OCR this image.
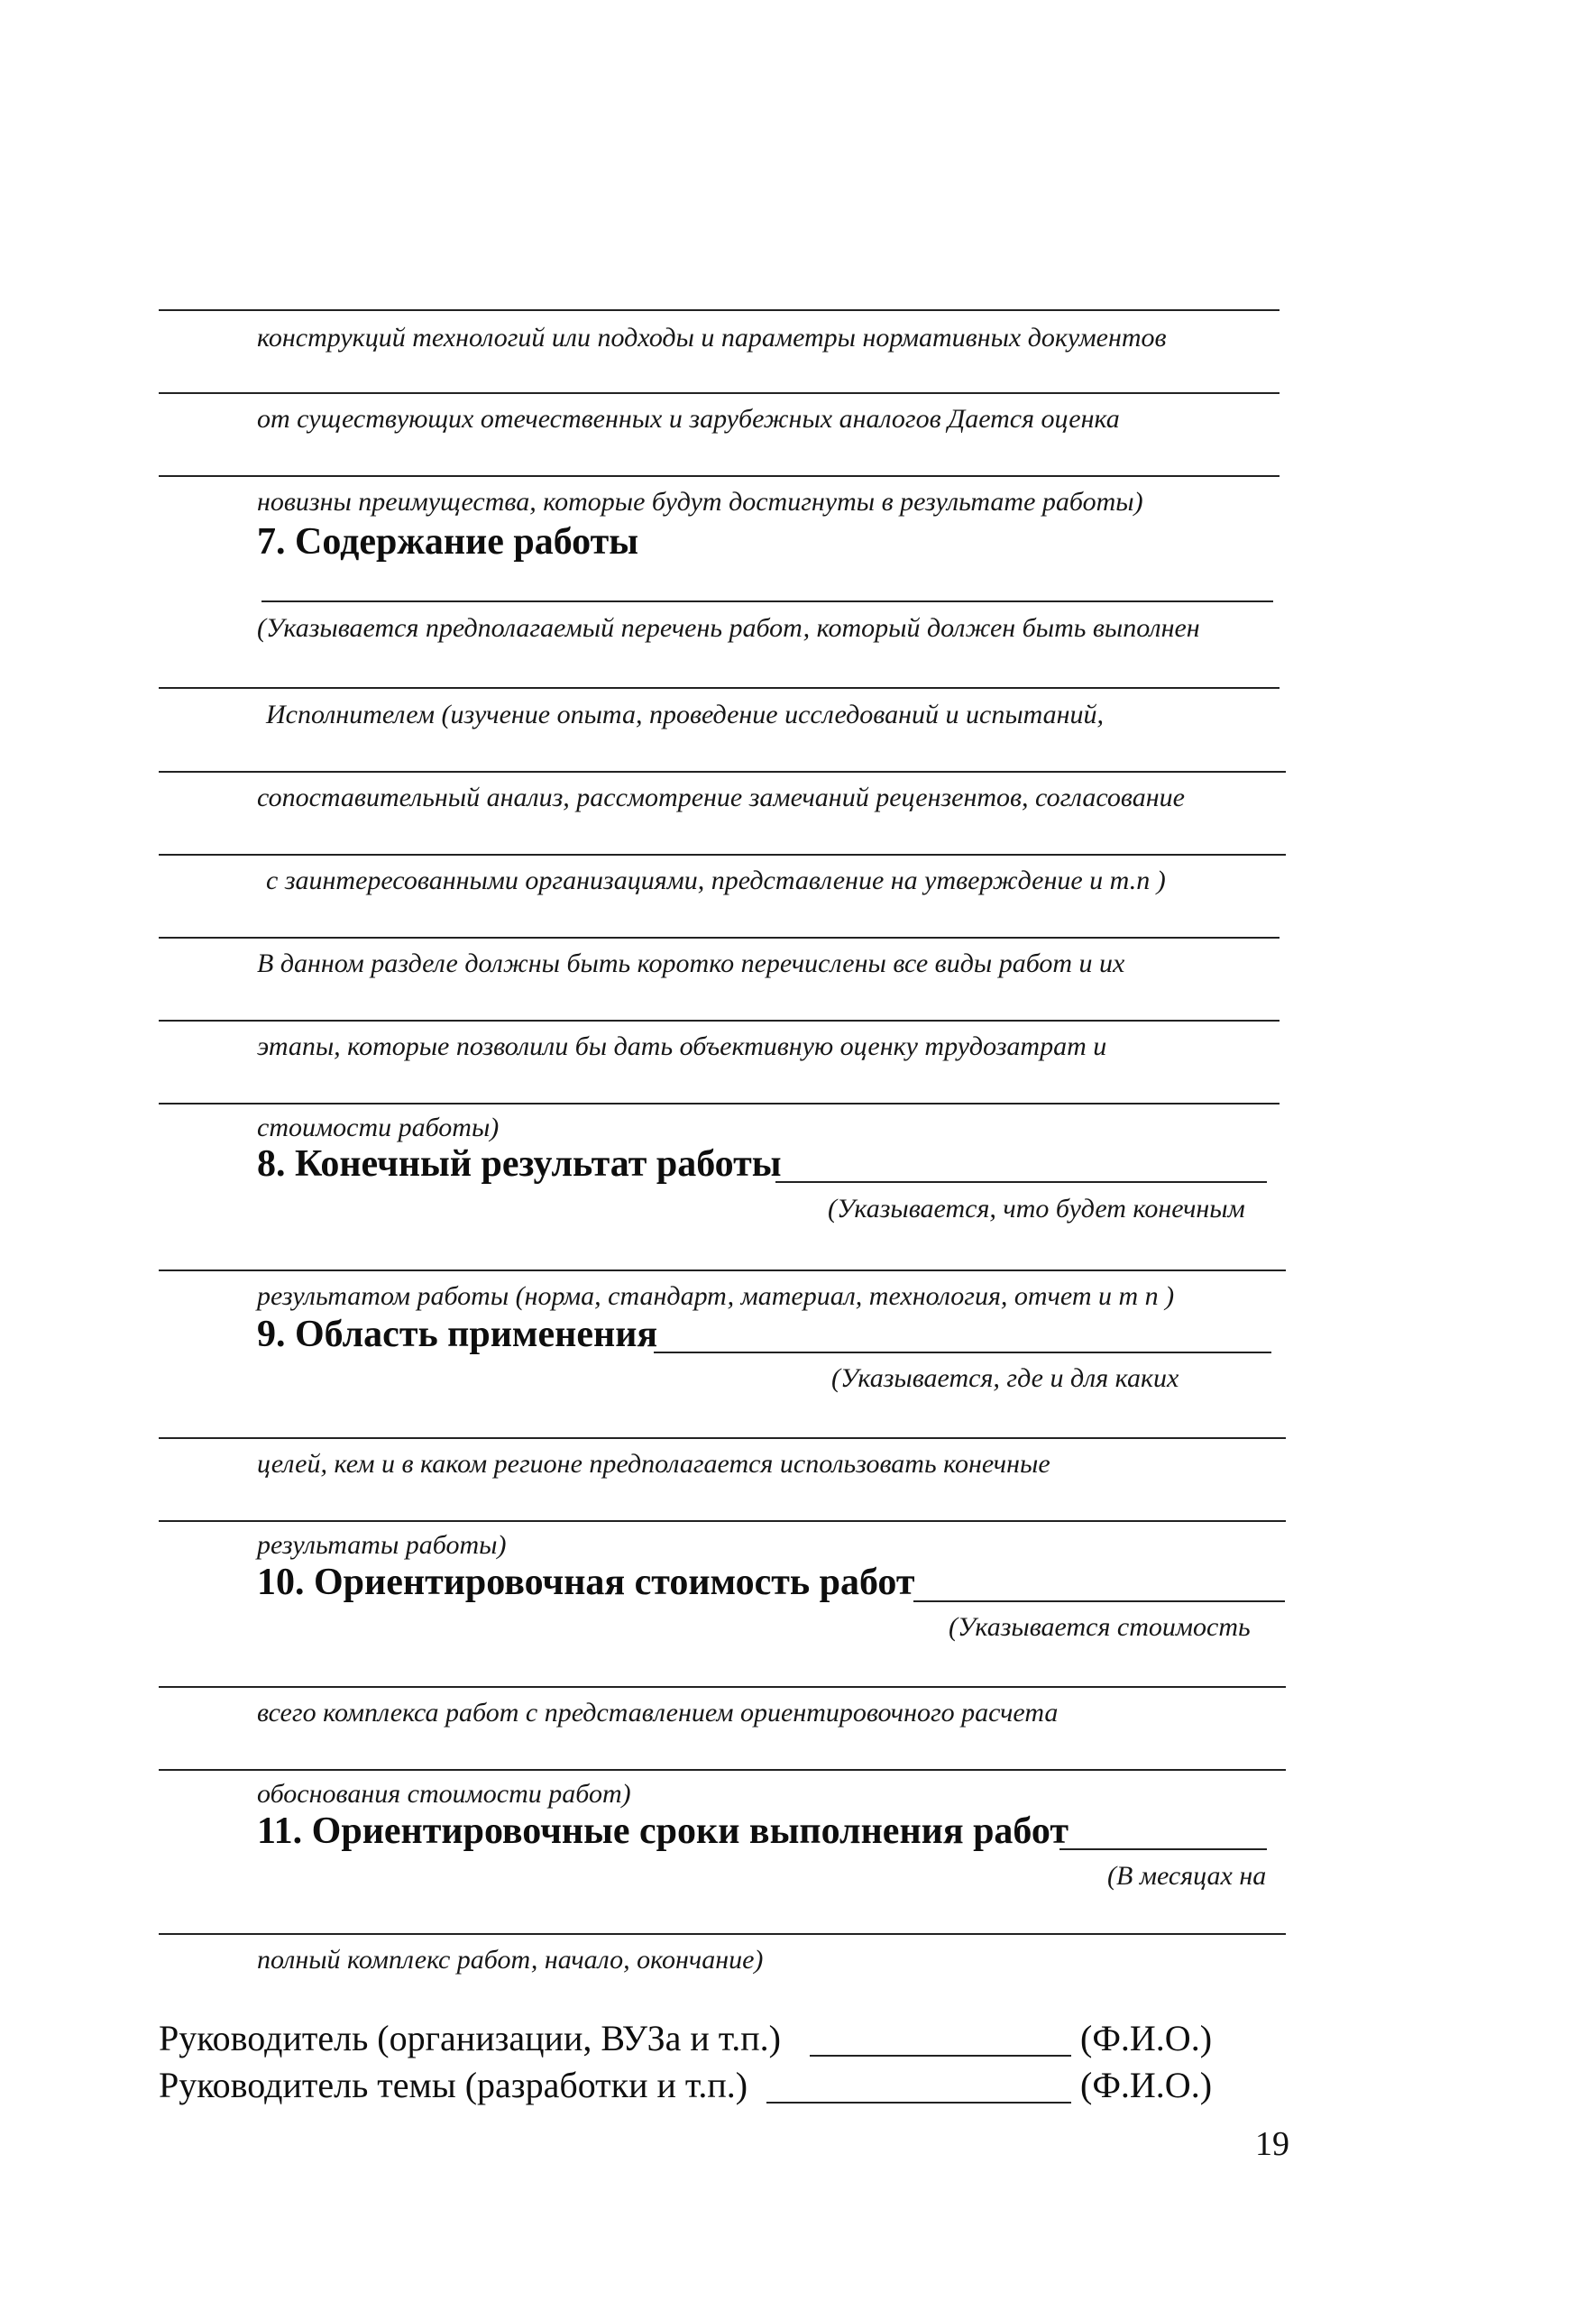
конструкций технологий или подходы и параметры нормативных документов
от существующих отечественных и зарубежных аналогов Дается оценка
новизны преимущества, которые будут достигнуты в результате работы)
7. Содержание работы
(Указывается предполагаемый перечень работ, который должен быть выполнен
Исполнителем (изучение опыта, проведение исследований и испытаний,
сопоставительный анализ, рассмотрение замечаний рецензентов, согласование
с заинтересованными организациями, представление на утверждение и т.п )
В данном разделе должны быть коротко перечислены все виды работ и их
этапы, которые позволили бы дать объективную оценку трудозатрат и
стоимости работы)
8. Конечный результат работы
(Указывается, что будет конечным
результатом работы (норма, стандарт, материал, технология, отчет и т п )
9. Область применения
(Указывается, где и для каких
целей, кем и в каком регионе предполагается использовать конечные
результаты работы)
10. Ориентировочная стоимость работ
(Указывается стоимость
всего комплекса работ с представлением ориентировочного расчета
обоснования стоимости работ)
11. Ориентировочные сроки выполнения работ
(В месяцах на
полный комплекс работ, начало, окончание)
Руководитель (организации, ВУЗа и т.п.)	(Ф.И.О.)
Руководитель темы (разработки и т.п.)	(Ф.И.О.)
19
